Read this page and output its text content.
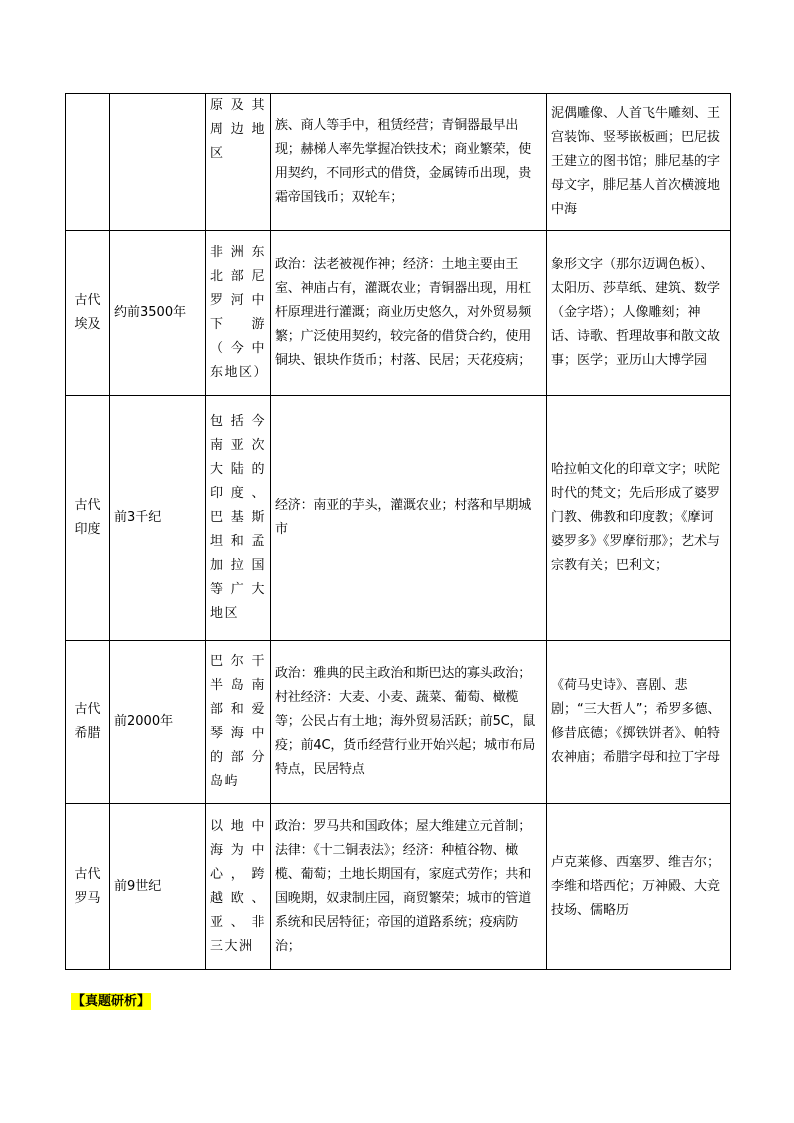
		原及其周边地区	族、商人等手中，租赁经营；青铜器最早出现；赫梯人率先掌握冶铁技术；商业繁荣，使用契约，不同形式的借贷，金属铸币出现，贵霜帝国钱币；双轮车；	泥偶雕像、人首飞牛雕刻、王宫装饰、竖琴嵌板画；巴尼拔王建立的图书馆；腓尼基的字母文字，腓尼基人首次横渡地中海
古代埃及	约前3500年	非洲东北部尼罗河中下游（今中东地区）	政治：法老被视作神；经济：土地主要由王室、神庙占有，灌溉农业；青铜器出现，用杠杆原理进行灌溉；商业历史悠久，对外贸易频繁；广泛使用契约，较完备的借贷合约，使用铜块、银块作货币；村落、民居；天花疫病；	象形文字（那尔迈调色板）、太阳历、莎草纸、建筑、数学（金字塔）；人像雕刻；神话、诗歌、哲理故事和散文故事；医学；亚历山大博学园
古代印度	前3千纪	包括今南亚次大陆的印度、巴基斯坦和孟加拉国等广大地区	经济：南亚的芋头，灌溉农业；村落和早期城市	哈拉帕文化的印章文字；吠陀时代的梵文；先后形成了婆罗门教、佛教和印度教；《摩诃婆罗多》《罗摩衍那》；艺术与宗教有关；巴利文；
古代希腊	前2000年	巴尔干半岛南部和爱琴海中的部分岛屿	政治：雅典的民主政治和斯巴达的寡头政治；村社经济：大麦、小麦、蔬菜、葡萄、橄榄等；公民占有土地；海外贸易活跃；前5C，鼠疫；前4C，货币经营行业开始兴起；城市布局特点，民居特点	《荷马史诗》、喜剧、悲剧；“三大哲人”；希罗多德、修昔底德；《掷铁饼者》、帕特农神庙；希腊字母和拉丁字母
古代罗马	前9世纪	以地中海为中心，跨越欧、亚、非三大洲	政治：罗马共和国政体；屋大维建立元首制；法律：《十二铜表法》；经济：种植谷物、橄榄、葡萄；土地长期国有，家庭式劳作；共和国晚期，奴隶制庄园，商贸繁荣；城市的管道系统和民居特征；帝国的道路系统；疫病防治；	卢克莱修、西塞罗、维吉尔；李维和塔西佗；万神殿、大竞技场、儒略历
【真题研析】
